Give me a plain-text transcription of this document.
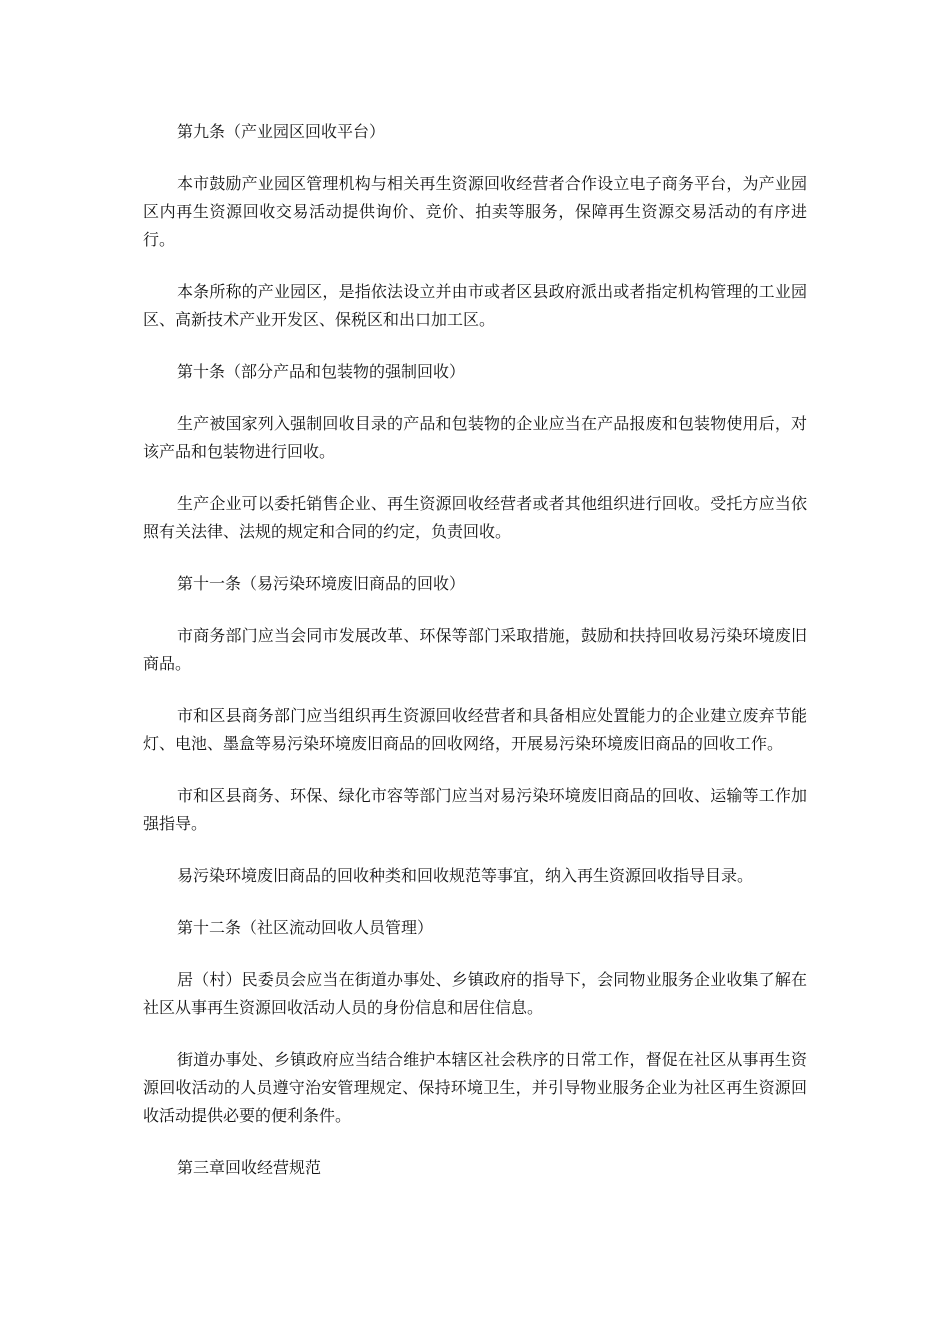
第九条（产业园区回收平台）

本市鼓励产业园区管理机构与相关再生资源回收经营者合作设立电子商务平台，为产业园区内再生资源回收交易活动提供询价、竞价、拍卖等服务，保障再生资源交易活动的有序进行。

本条所称的产业园区，是指依法设立并由市或者区县政府派出或者指定机构管理的工业园区、高新技术产业开发区、保税区和出口加工区。

第十条（部分产品和包装物的强制回收）

生产被国家列入强制回收目录的产品和包装物的企业应当在产品报废和包装物使用后，对该产品和包装物进行回收。

生产企业可以委托销售企业、再生资源回收经营者或者其他组织进行回收。受托方应当依照有关法律、法规的规定和合同的约定，负责回收。

第十一条（易污染环境废旧商品的回收）

市商务部门应当会同市发展改革、环保等部门采取措施，鼓励和扶持回收易污染环境废旧商品。

市和区县商务部门应当组织再生资源回收经营者和具备相应处置能力的企业建立废弃节能灯、电池、墨盒等易污染环境废旧商品的回收网络，开展易污染环境废旧商品的回收工作。

市和区县商务、环保、绿化市容等部门应当对易污染环境废旧商品的回收、运输等工作加强指导。

易污染环境废旧商品的回收种类和回收规范等事宜，纳入再生资源回收指导目录。

第十二条（社区流动回收人员管理）

居（村）民委员会应当在街道办事处、乡镇政府的指导下，会同物业服务企业收集了解在社区从事再生资源回收活动人员的身份信息和居住信息。

街道办事处、乡镇政府应当结合维护本辖区社会秩序的日常工作，督促在社区从事再生资源回收活动的人员遵守治安管理规定、保持环境卫生，并引导物业服务企业为社区再生资源回收活动提供必要的便利条件。

第三章回收经营规范
